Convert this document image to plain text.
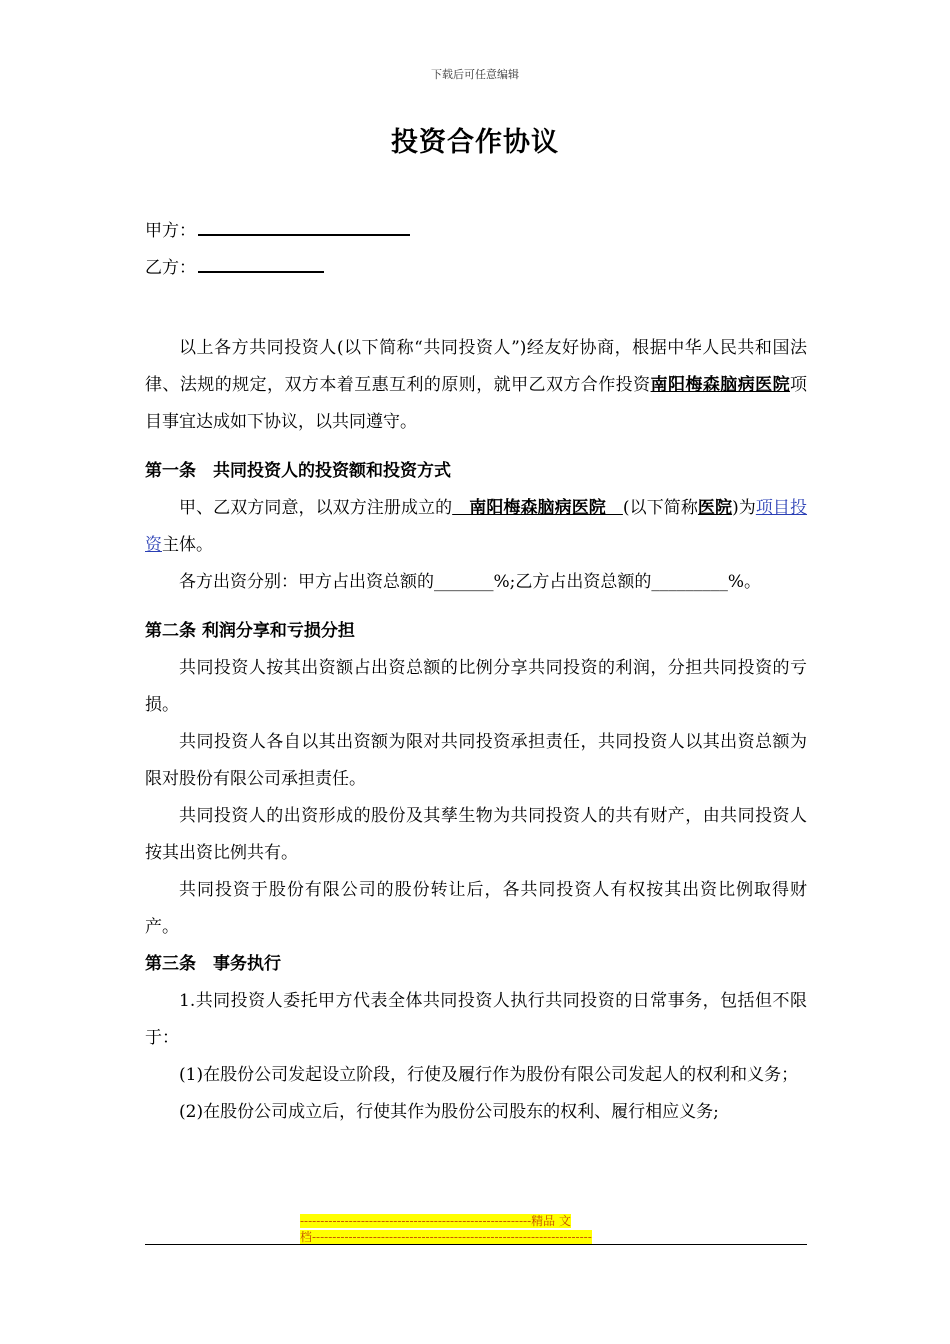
下载后可任意编辑
投资合作协议
甲方：
乙方：

以上各方共同投资人(以下简称“共同投资人”)经友好协商，根据中华人民共和国法律、法规的规定，双方本着互惠互利的原则，就甲乙双方合作投资南阳梅森脑病医院项目事宜达成如下协议，以共同遵守。

第一条　共同投资人的投资额和投资方式

甲、乙双方同意，以双方注册成立的　南阳梅森脑病医院　(以下简称医院)为项目投资主体。

各方出资分别：甲方占出资总额的_______%;乙方占出资总额的_________%。

第二条 利润分享和亏损分担

共同投资人按其出资额占出资总额的比例分享共同投资的利润，分担共同投资的亏损。

共同投资人各自以其出资额为限对共同投资承担责任，共同投资人以其出资总额为限对股份有限公司承担责任。

共同投资人的出资形成的股份及其孳生物为共同投资人的共有财产，由共同投资人按其出资比例共有。

共同投资于股份有限公司的股份转让后，各共同投资人有权按其出资比例取得财产。

第三条　事务执行

1.共同投资人委托甲方代表全体共同投资人执行共同投资的日常事务，包括但不限于：

(1)在股份公司发起设立阶段，行使及履行作为股份有限公司发起人的权利和义务；

(2)在股份公司成立后，行使其作为股份公司股东的权利、履行相应义务;

---------------------------------------------------------精品 文
档---------------------------------------------------------------------
